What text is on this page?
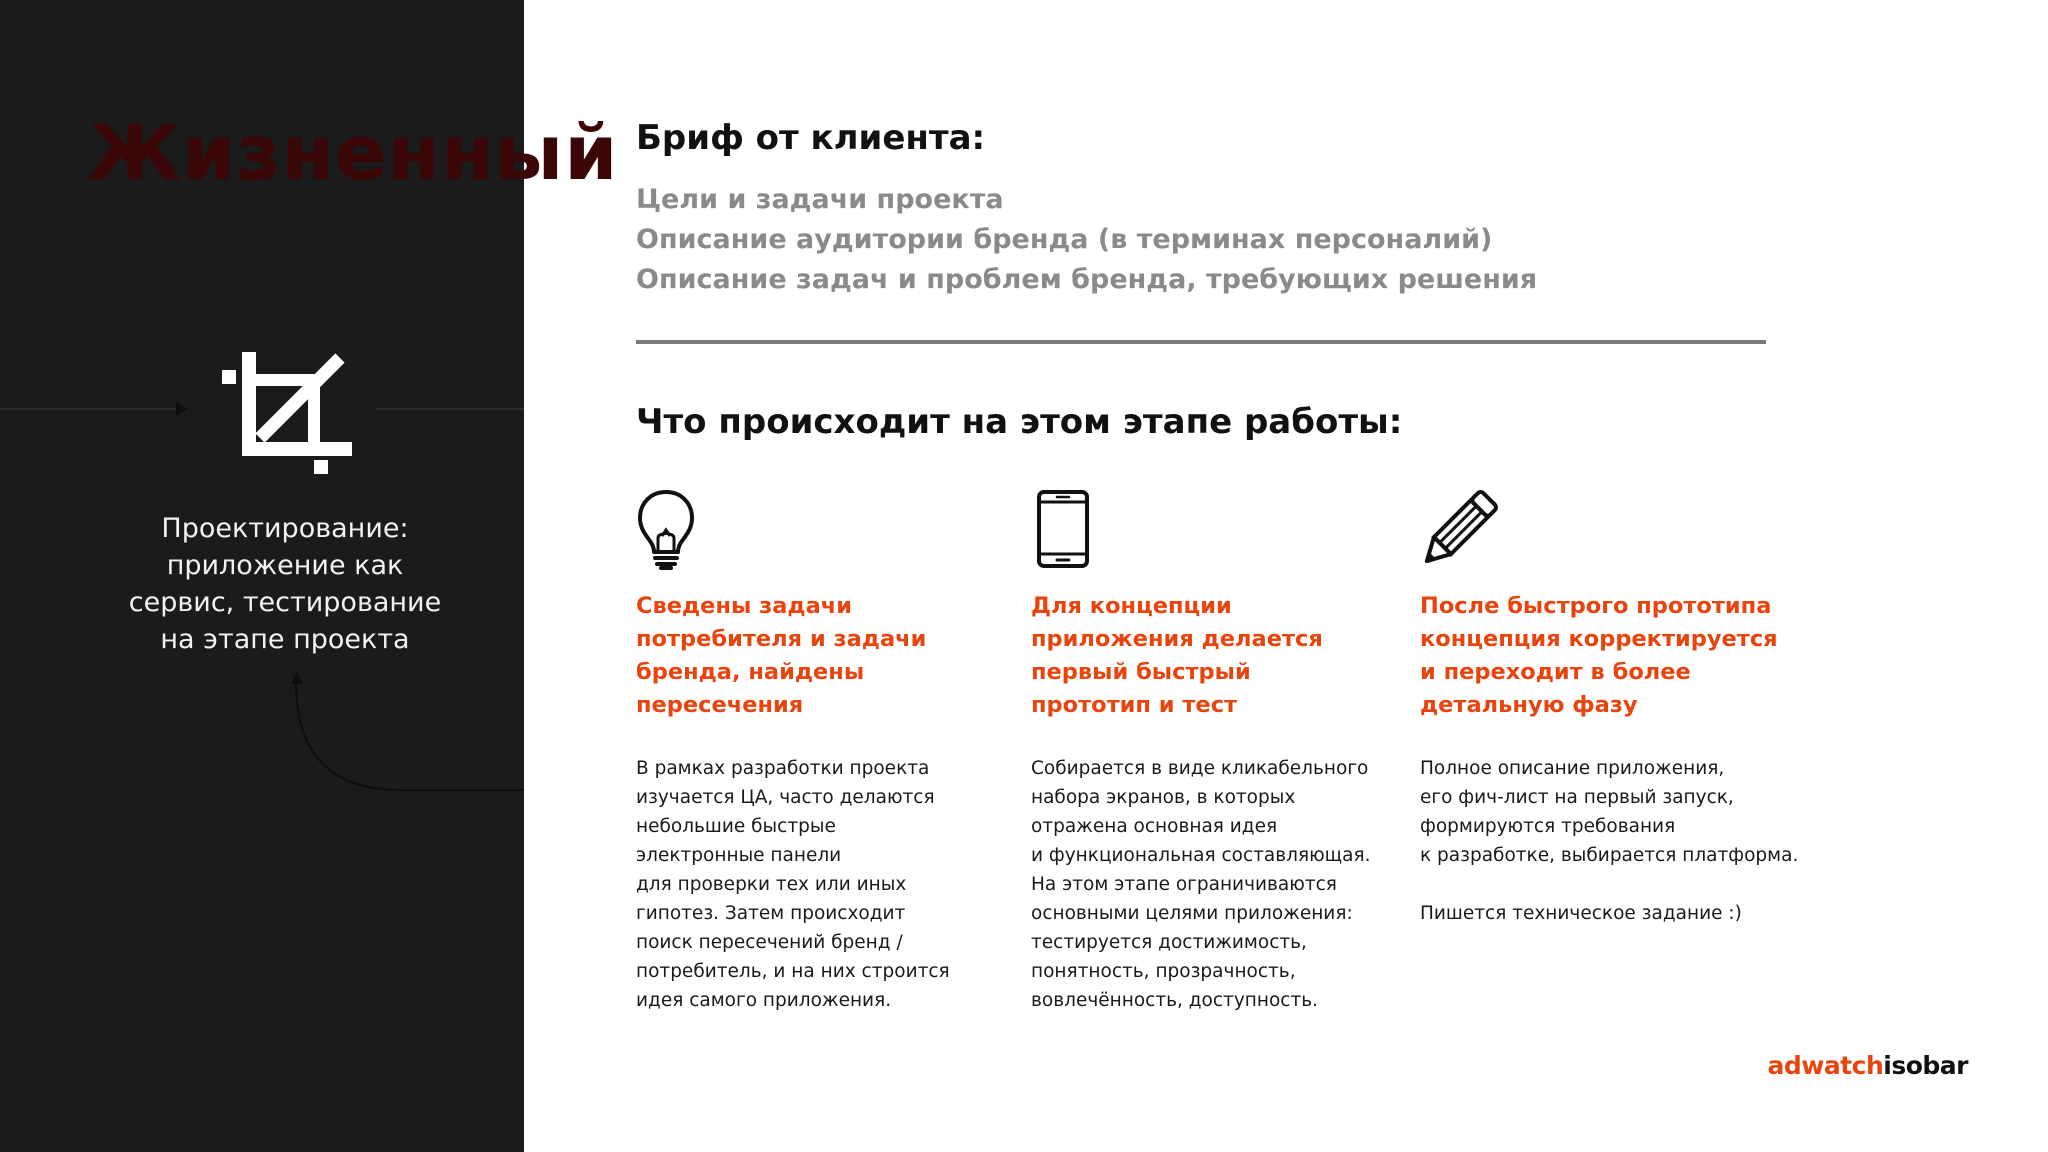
Жизненный
Проектирование:
приложение как
сервис, тестирование
на этапе проекта
Бриф от клиента:
Цели и задачи проекта
Описание аудитории бренда (в терминах персоналий)
Описание задач и проблем бренда, требующих решения
Что происходит на этом этапе работы:
Сведены задачи
потребителя и задачи
бренда, найдены
пересечения

В рамках разработки проекта
изучается ЦА, часто делаются
небольшие быстрые
электронные панели
для проверки тех или иных
гипотез. Затем происходит
поиск пересечений бренд /
потребитель, и на них строится
идея самого приложения.

Для концепции
приложения делается
первый быстрый
прототип и тест

Собирается в виде кликабельного
набора экранов, в которых
отражена основная идея
и функциональная составляющая.
На этом этапе ограничиваются
основными целями приложения:
тестируется достижимость,
понятность, прозрачность,
вовлечённость, доступность.

После быстрого прототипа
концепция корректируется
и переходит в более
детальную фазу

Полное описание приложения,
его фич-лист на первый запуск,
формируются требования
к разработке, выбирается платформа.

Пишется техническое задание :)

adwatchisobar
